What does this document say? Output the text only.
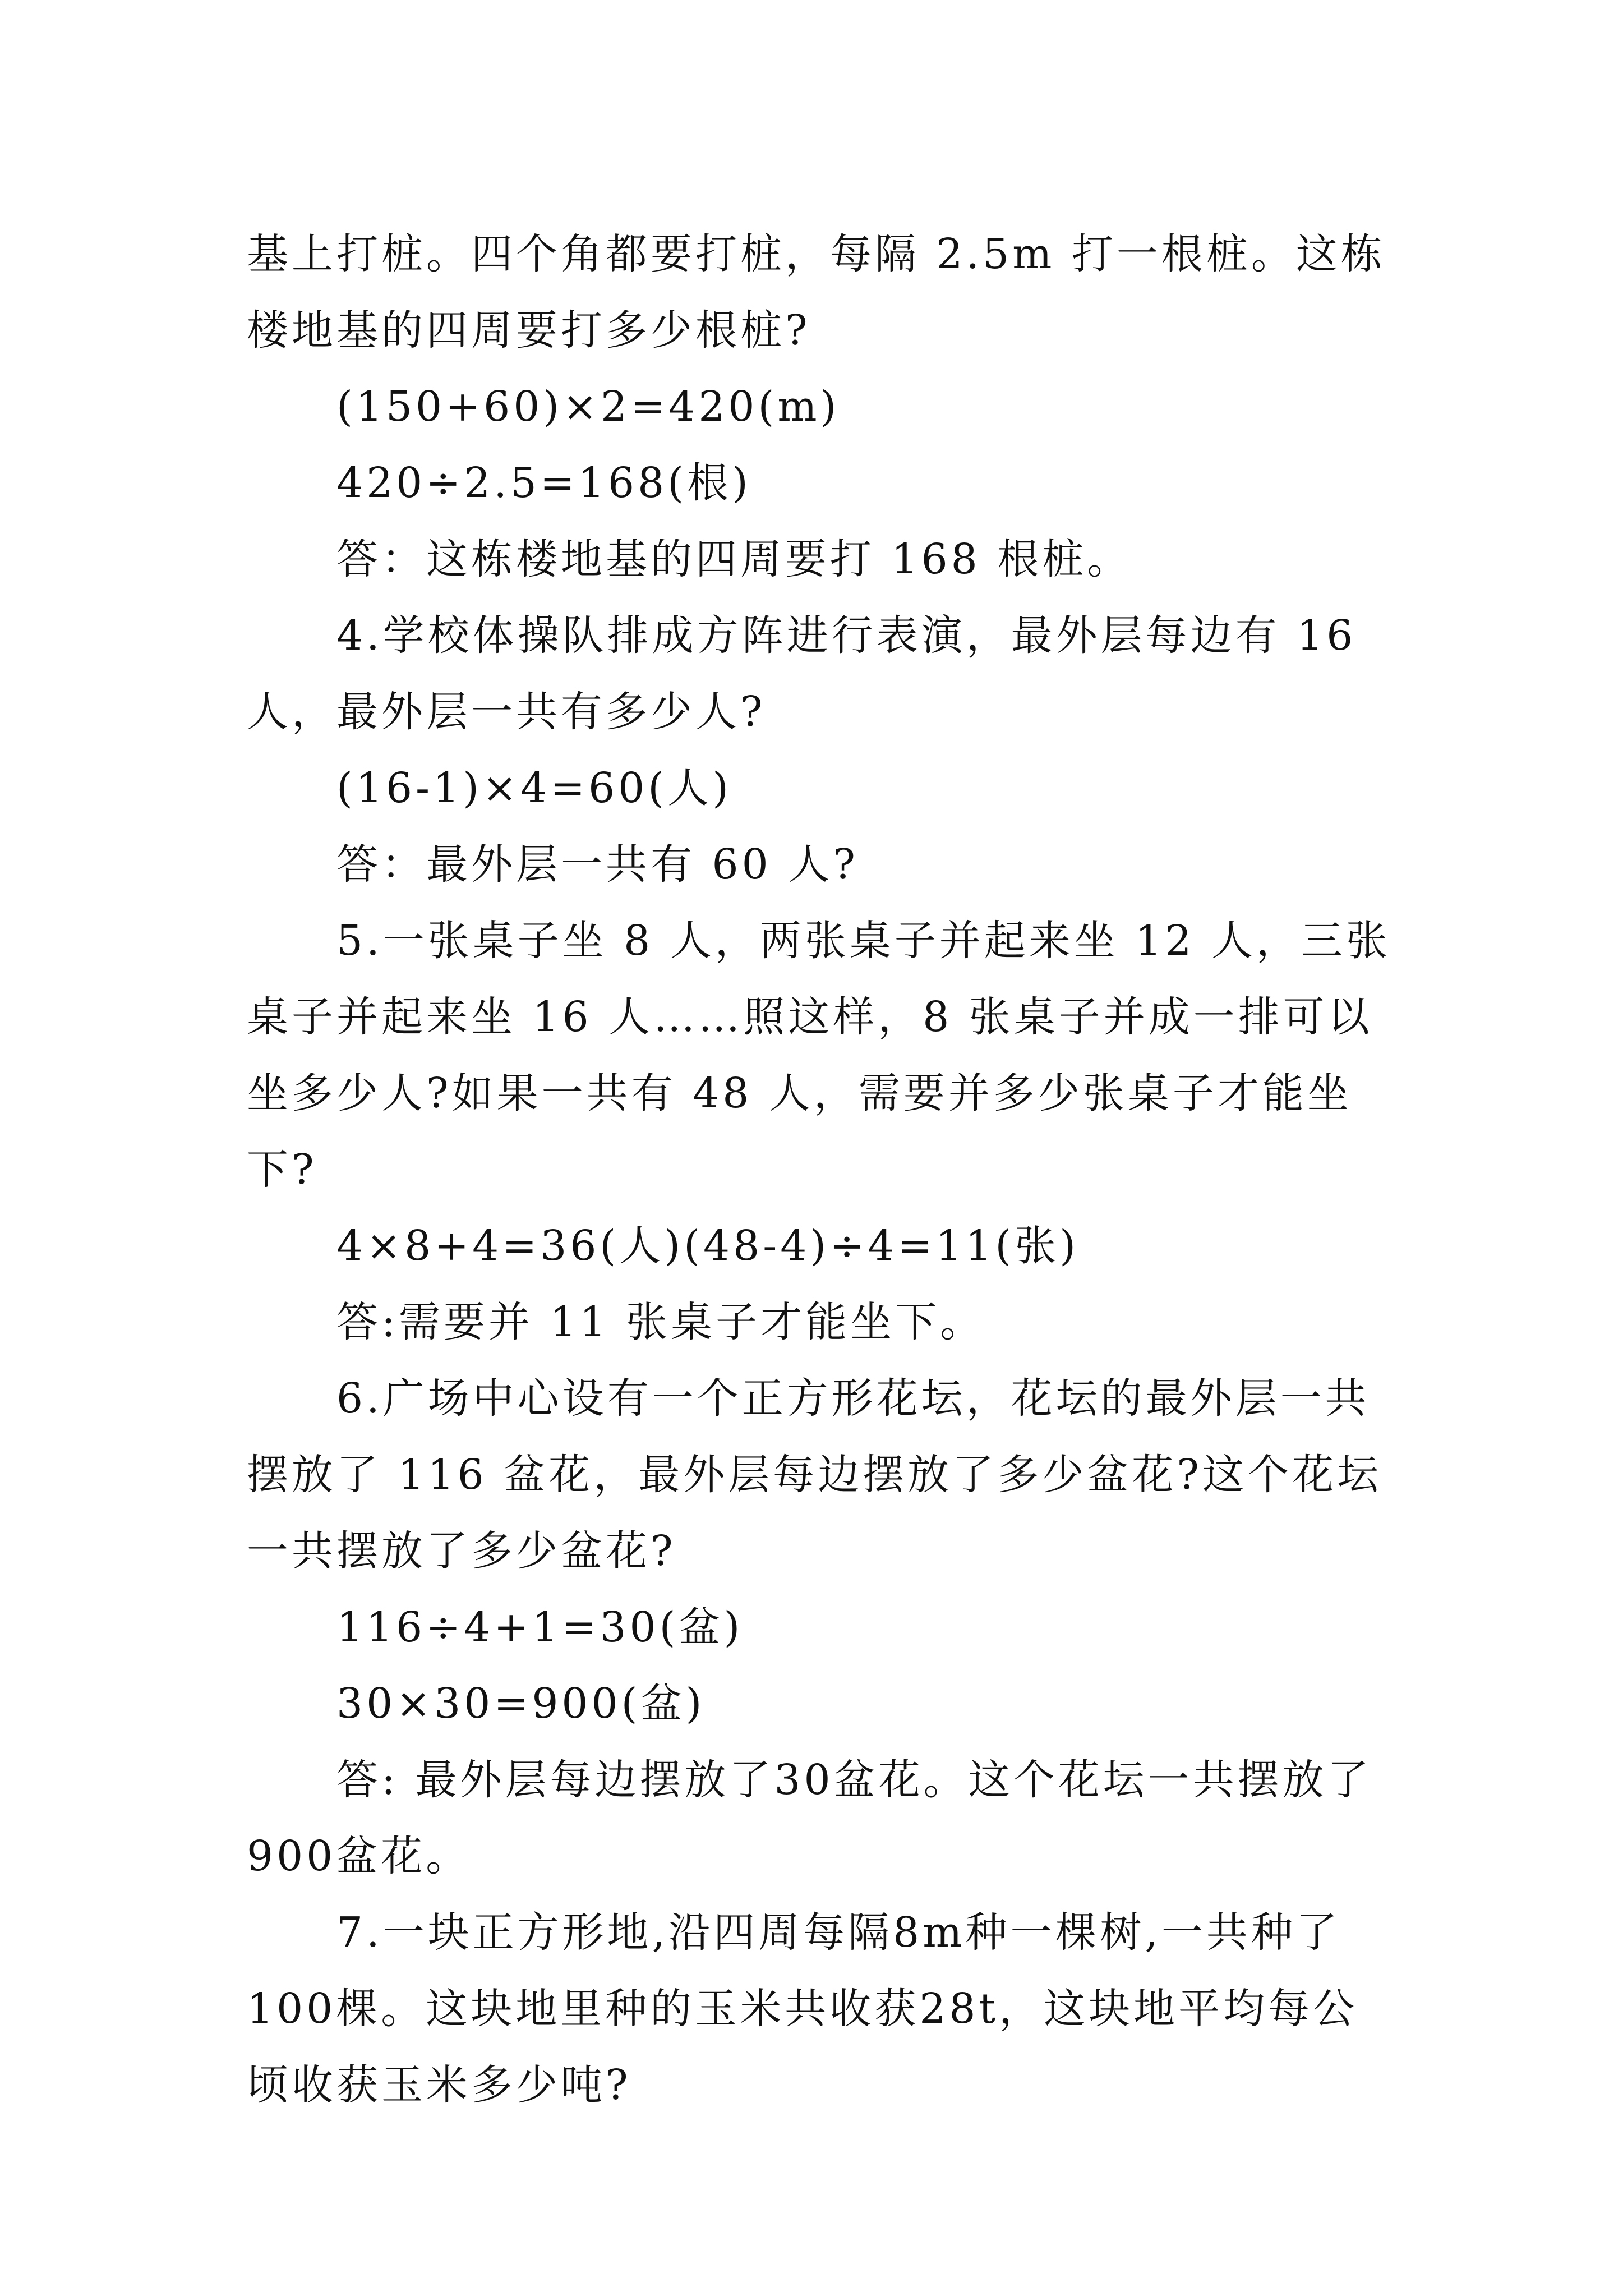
基上打桩。四个角都要打桩，每隔 2.5m 打一根桩。这栋楼地基的四周要打多少根桩?

(150+60)×2=420(m)

420÷2.5=168(根)

答：这栋楼地基的四周要打 168 根桩。

4.学校体操队排成方阵进行表演，最外层每边有 16 人，最外层一共有多少人?

(16-1)×4=60(人)

答：最外层一共有 60 人?

5.一张桌子坐 8 人，两张桌子并起来坐 12 人，三张桌子并起来坐 16 人……照这样，8 张桌子并成一排可以坐多少人?如果一共有 48 人，需要并多少张桌子才能坐下?

4×8+4=36(人)(48-4)÷4=11(张)

答:需要并 11 张桌子才能坐下。

6.广场中心设有一个正方形花坛，花坛的最外层一共摆放了 116 盆花，最外层每边摆放了多少盆花?这个花坛一共摆放了多少盆花?

116÷4+1=30(盆)

30×30=900(盆)

答: 最外层每边摆放了30盆花。这个花坛一共摆放了900盆花。

7.一块正方形地,沿四周每隔8m种一棵树,一共种了100棵。这块地里种的玉米共收获28t，这块地平均每公顷收获玉米多少吨?
